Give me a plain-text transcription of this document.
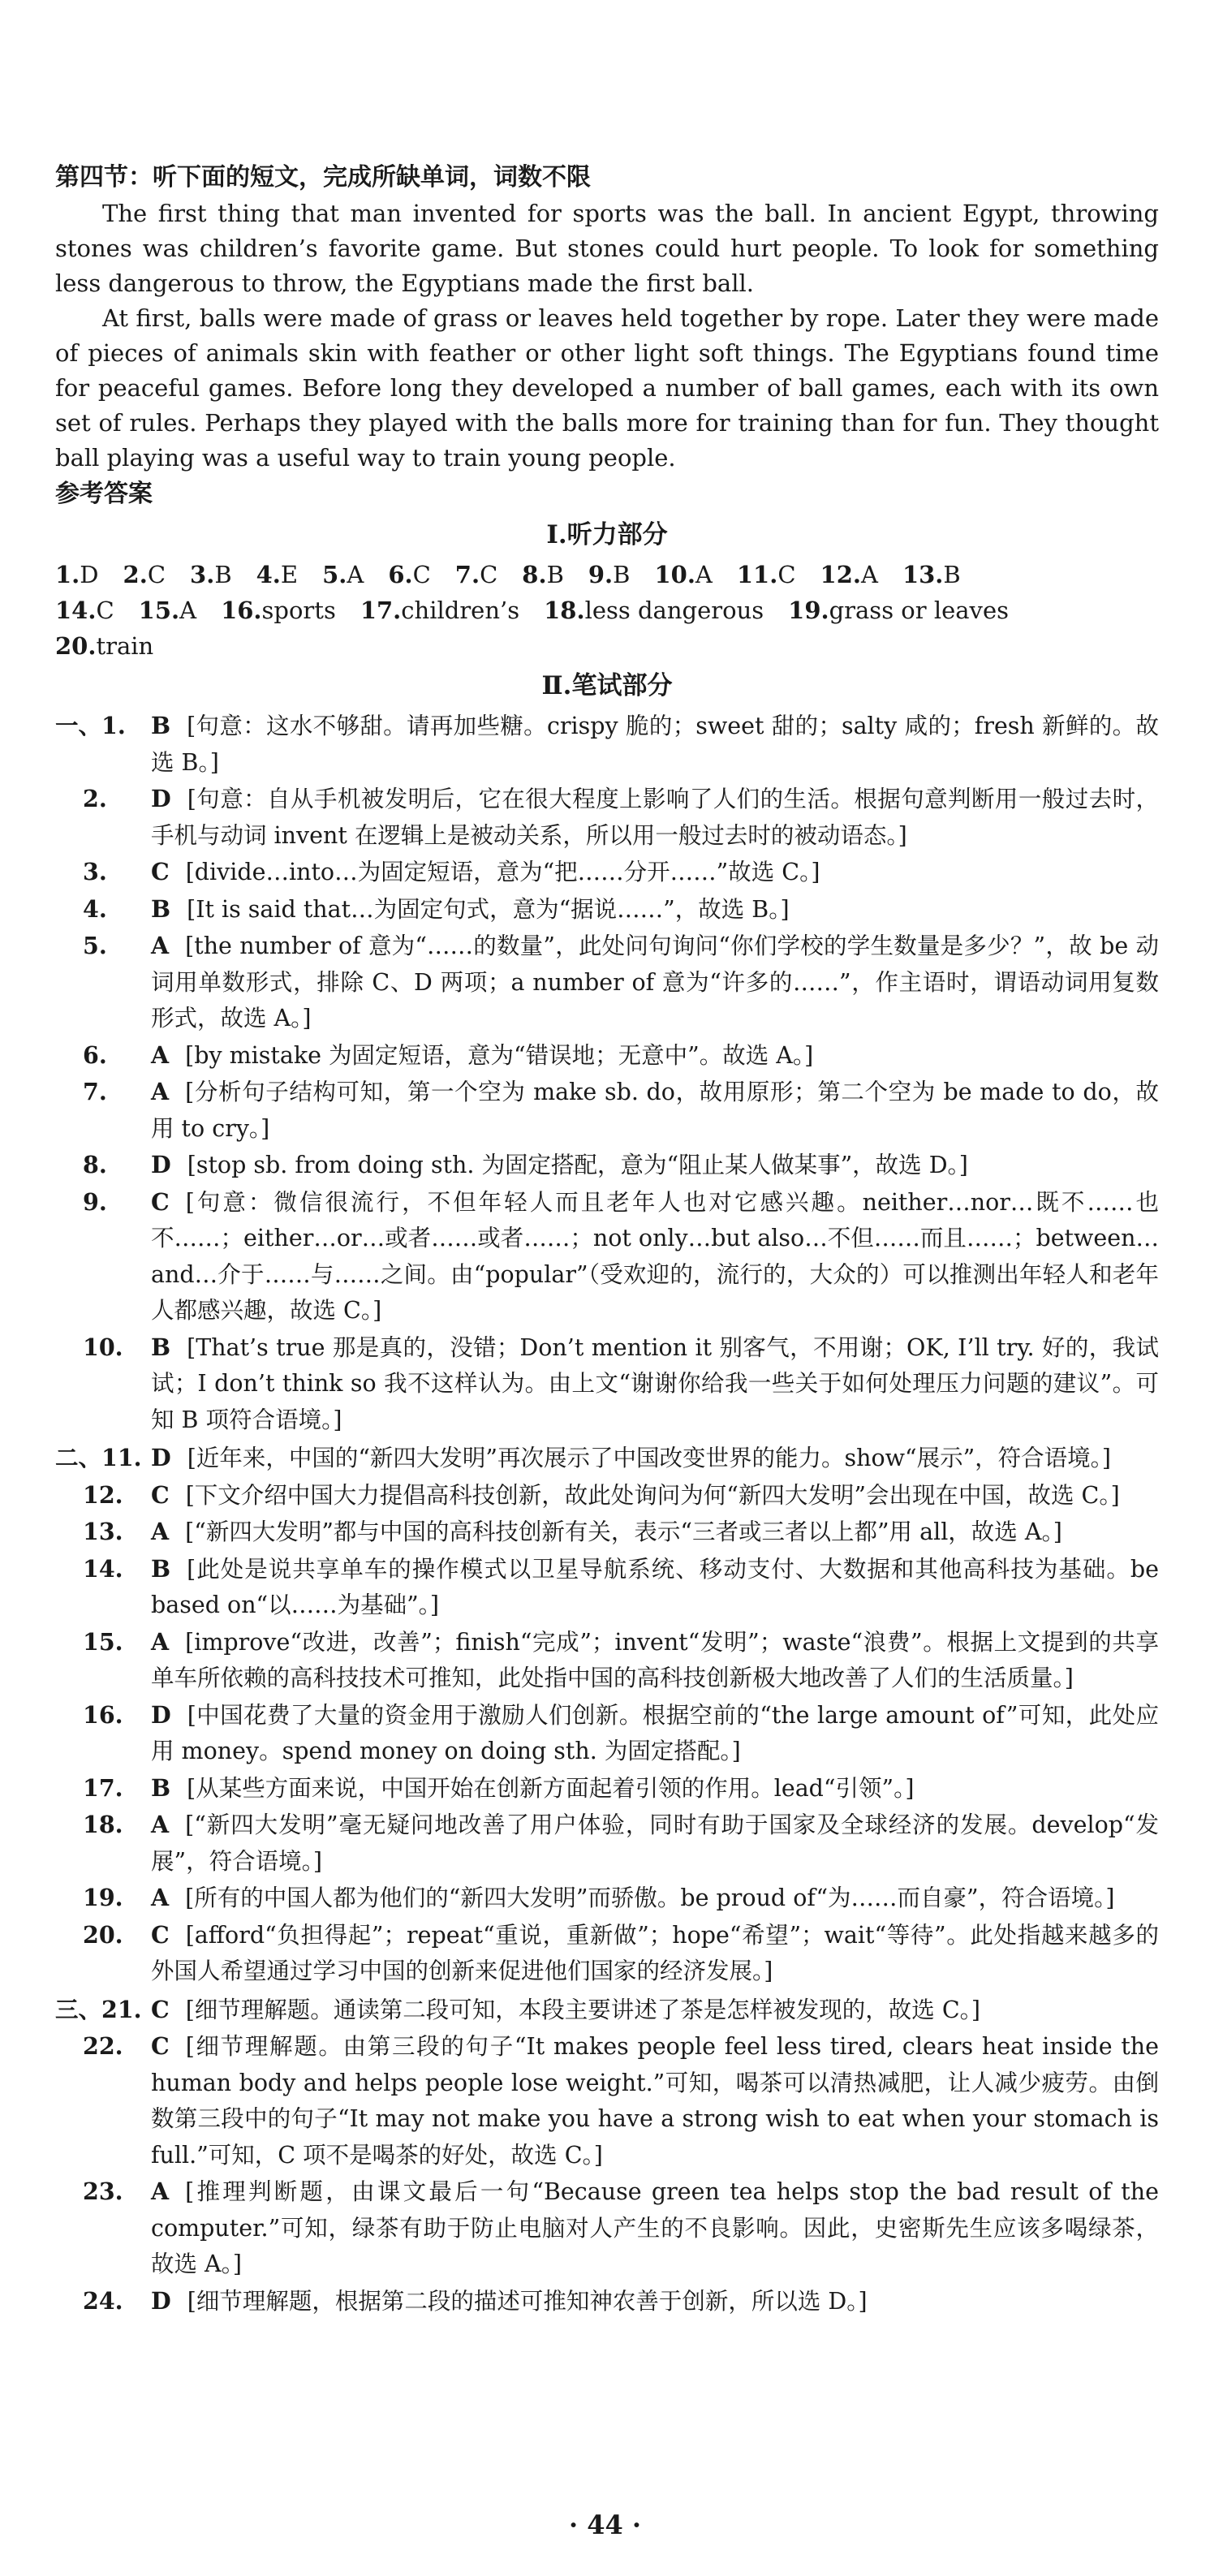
第四节：听下面的短文，完成所缺单词，词数不限

The first thing that man invented for sports was the ball. In ancient Egypt, throwing stones was children’s favorite game. But stones could hurt people. To look for something less dangerous to throw, the Egyptians made the first ball.

At first, balls were made of grass or leaves held together by rope. Later they were made of pieces of animals skin with feather or other light soft things. The Egyptians found time for peaceful games. Before long they developed a number of ball games, each with its own set of rules. Perhaps they played with the balls more for training than for fun. They thought ball playing was a useful way to train young people.

参考答案
Ⅰ.听力部分
1.D 2.C 3.B 4.E 5.A 6.C 7.C 8.B 9.B 10.A 11.C 12.A 13.B
14.C 15.A 16.sports 17.children’s 18.less dangerous 19.grass or leaves
20.train
Ⅱ.笔试部分
一、1.	B [句意：这水不够甜。请再加些糖。crispy 脆的；sweet 甜的；salty 咸的；fresh 新鲜的。故选 B。]
2.	D [句意：自从手机被发明后，它在很大程度上影响了人们的生活。根据句意判断用一般过去时，手机与动词 invent 在逻辑上是被动关系，所以用一般过去时的被动语态。]
3.	C [divide…into…为固定短语，意为“把……分开……”故选 C。]
4.	B [It is said that…为固定句式，意为“据说……”，故选 B。]
5.	A [the number of 意为“……的数量”，此处问句询问“你们学校的学生数量是多少？”，故 be 动词用单数形式，排除 C、D 两项；a number of 意为“许多的……”，作主语时，谓语动词用复数形式，故选 A。]
6.	A [by mistake 为固定短语，意为“错误地；无意中”。故选 A。]
7.	A [分析句子结构可知，第一个空为 make sb. do，故用原形；第二个空为 be made to do，故用 to cry。]
8.	D [stop sb. from doing sth. 为固定搭配，意为“阻止某人做某事”，故选 D。]
9.	C [句意：微信很流行，不但年轻人而且老年人也对它感兴趣。neither…nor…既不……也不……；either…or…或者……或者……；not only…but also…不但……而且……；between…and…介于……与……之间。由“popular”（受欢迎的，流行的，大众的）可以推测出年轻人和老年人都感兴趣，故选 C。]
10.	B [That’s true 那是真的，没错；Don’t mention it 别客气，不用谢；OK, I’ll try. 好的，我试试；I don’t think so 我不这样认为。由上文“谢谢你给我一些关于如何处理压力问题的建议”。可知 B 项符合语境。]
二、11. D [近年来，中国的“新四大发明”再次展示了中国改变世界的能力。show“展示”，符合语境。]
12.	C [下文介绍中国大力提倡高科技创新，故此处询问为何“新四大发明”会出现在中国，故选 C。]
13.	A [“新四大发明”都与中国的高科技创新有关，表示“三者或三者以上都”用 all，故选 A。]
14.	B [此处是说共享单车的操作模式以卫星导航系统、移动支付、大数据和其他高科技为基础。be based on“以……为基础”。]
15.	A [improve“改进，改善”；finish“完成”；invent“发明”；waste“浪费”。根据上文提到的共享单车所依赖的高科技技术可推知，此处指中国的高科技创新极大地改善了人们的生活质量。]
16.	D [中国花费了大量的资金用于激励人们创新。根据空前的“the large amount of”可知，此处应用 money。spend money on doing sth. 为固定搭配。]
17.	B [从某些方面来说，中国开始在创新方面起着引领的作用。lead“引领”。]
18.	A [“新四大发明”毫无疑问地改善了用户体验，同时有助于国家及全球经济的发展。develop“发展”，符合语境。]
19.	A [所有的中国人都为他们的“新四大发明”而骄傲。be proud of“为……而自豪”，符合语境。]
20.	C [afford“负担得起”；repeat“重说，重新做”；hope“希望”；wait“等待”。此处指越来越多的外国人希望通过学习中国的创新来促进他们国家的经济发展。]
三、21. C [细节理解题。通读第二段可知，本段主要讲述了茶是怎样被发现的，故选 C。]
22.	C [细节理解题。由第三段的句子“It makes people feel less tired, clears heat inside the human body and helps people lose weight.”可知，喝茶可以清热减肥，让人减少疲劳。由倒数第三段中的句子“It may not make you have a strong wish to eat when your stomach is full.”可知，C 项不是喝茶的好处，故选 C。]
23.	A [推理判断题，由课文最后一句“Because green tea helps stop the bad result of the computer.”可知，绿茶有助于防止电脑对人产生的不良影响。因此，史密斯先生应该多喝绿茶，故选 A。]
24.	D [细节理解题，根据第二段的描述可推知神农善于创新，所以选 D。]
· 44 ·
